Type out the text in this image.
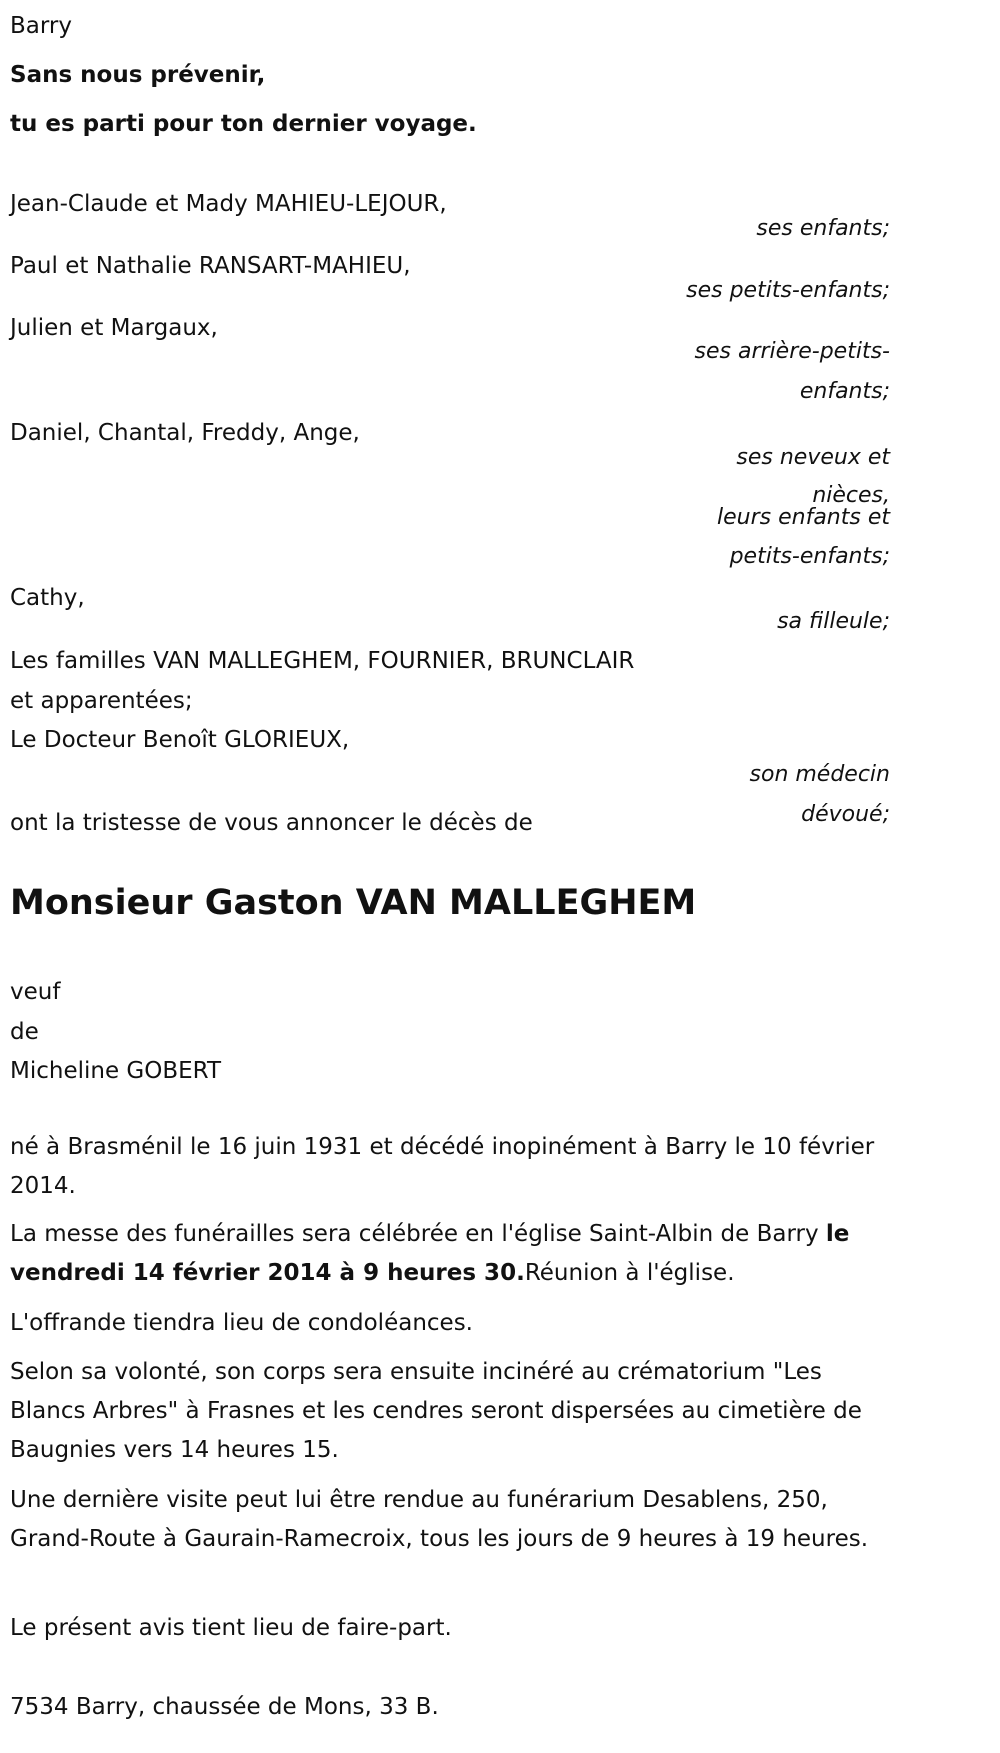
Barry
Sans nous prévenir,
tu es parti pour ton dernier voyage.
Jean-Claude et Mady MAHIEU-LEJOUR,
ses enfants;
Paul et Nathalie RANSART-MAHIEU,
ses petits-enfants;
Julien et Margaux,
ses arrière-petits-
enfants;
Daniel, Chantal, Freddy, Ange,
ses neveux et
nièces,
leurs enfants et
petits-enfants;
Cathy,
sa filleule;
Les familles VAN MALLEGHEM, FOURNIER, BRUNCLAIR
et apparentées;
Le Docteur Benoît GLORIEUX,
son médecin
dévoué;
ont la tristesse de vous annoncer le décès de
Monsieur Gaston VAN MALLEGHEM
veuf
de
Micheline GOBERT
né à Brasménil le 16 juin 1931 et décédé inopinément à Barry le 10 février 2014.
La messe des funérailles sera célébrée en l'église Saint-Albin de Barry le vendredi 14 février 2014 à 9 heures 30.Réunion à l'église.
L'offrande tiendra lieu de condoléances.
Selon sa volonté, son corps sera ensuite incinéré au crématorium "Les Blancs Arbres" à Frasnes et les cendres seront dispersées au cimetière de Baugnies vers 14 heures 15.
Une dernière visite peut lui être rendue au funérarium Desablens, 250, Grand-Route à Gaurain-Ramecroix, tous les jours de 9 heures à 19 heures.
Le présent avis tient lieu de faire-part.
7534 Barry, chaussée de Mons, 33 B.
